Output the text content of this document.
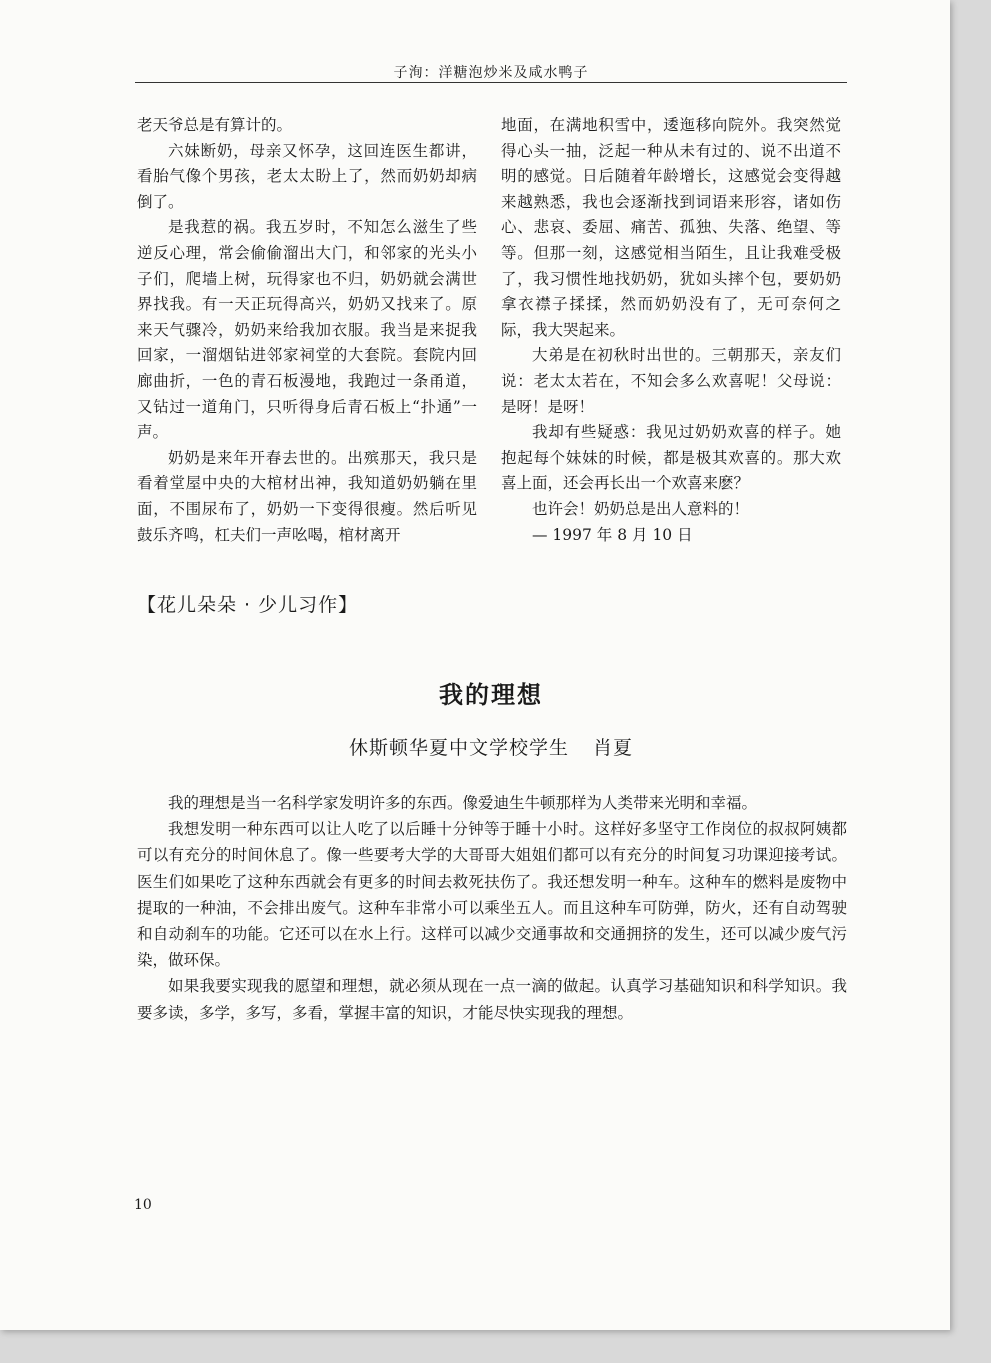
子洵：洋糖泡炒米及咸水鸭子

老天爷总是有算计的。

六妹断奶，母亲又怀孕，这回连医生都讲，看胎气像个男孩，老太太盼上了，然而奶奶却病倒了。

是我惹的祸。我五岁时，不知怎么滋生了些逆反心理，常会偷偷溜出大门，和邻家的光头小子们，爬墙上树，玩得家也不归，奶奶就会满世界找我。有一天正玩得高兴，奶奶又找来了。原来天气骤冷，奶奶来给我加衣服。我当是来捉我回家，一溜烟钻进邻家祠堂的大套院。套院内回廊曲折，一色的青石板漫地，我跑过一条甬道，又钻过一道角门，只听得身后青石板上“扑通”一声。

奶奶是来年开春去世的。出殡那天，我只是看着堂屋中央的大棺材出神，我知道奶奶躺在里面，不围尿布了，奶奶一下变得很瘦。然后听见鼓乐齐鸣，杠夫们一声吆喝，棺材离开

地面，在满地积雪中，逶迤移向院外。我突然觉得心头一抽，泛起一种从未有过的、说不出道不明的感觉。日后随着年龄增长，这感觉会变得越来越熟悉，我也会逐渐找到词语来形容，诸如伤心、悲哀、委屈、痛苦、孤独、失落、绝望、等等。但那一刻，这感觉相当陌生，且让我难受极了，我习惯性地找奶奶，犹如头摔个包，要奶奶拿衣襟子揉揉，然而奶奶没有了，无可奈何之际，我大哭起来。

大弟是在初秋时出世的。三朝那天，亲友们说：老太太若在，不知会多么欢喜呢！父母说：是呀！是呀！

我却有些疑惑：我见过奶奶欢喜的样子。她抱起每个妹妹的时候，都是极其欢喜的。那大欢喜上面，还会再长出一个欢喜来麽？

也许会！奶奶总是出人意料的！

— 1997 年 8 月 10 日

【花儿朵朵 · 少儿习作】
我的理想
休斯顿华夏中文学校学生 肖夏

我的理想是当一名科学家发明许多的东西。像爱迪生牛顿那样为人类带来光明和幸福。

我想发明一种东西可以让人吃了以后睡十分钟等于睡十小时。这样好多坚守工作岗位的叔叔阿姨都可以有充分的时间休息了。像一些要考大学的大哥哥大姐姐们都可以有充分的时间复习功课迎接考试。医生们如果吃了这种东西就会有更多的时间去救死扶伤了。我还想发明一种车。这种车的燃料是废物中提取的一种油，不会排出废气。这种车非常小可以乘坐五人。而且这种车可防弹，防火，还有自动驾驶和自动刹车的功能。它还可以在水上行。这样可以减少交通事故和交通拥挤的发生，还可以减少废气污染，做环保。

如果我要实现我的愿望和理想，就必须从现在一点一滴的做起。认真学习基础知识和科学知识。我要多读，多学，多写，多看，掌握丰富的知识，才能尽快实现我的理想。

10
